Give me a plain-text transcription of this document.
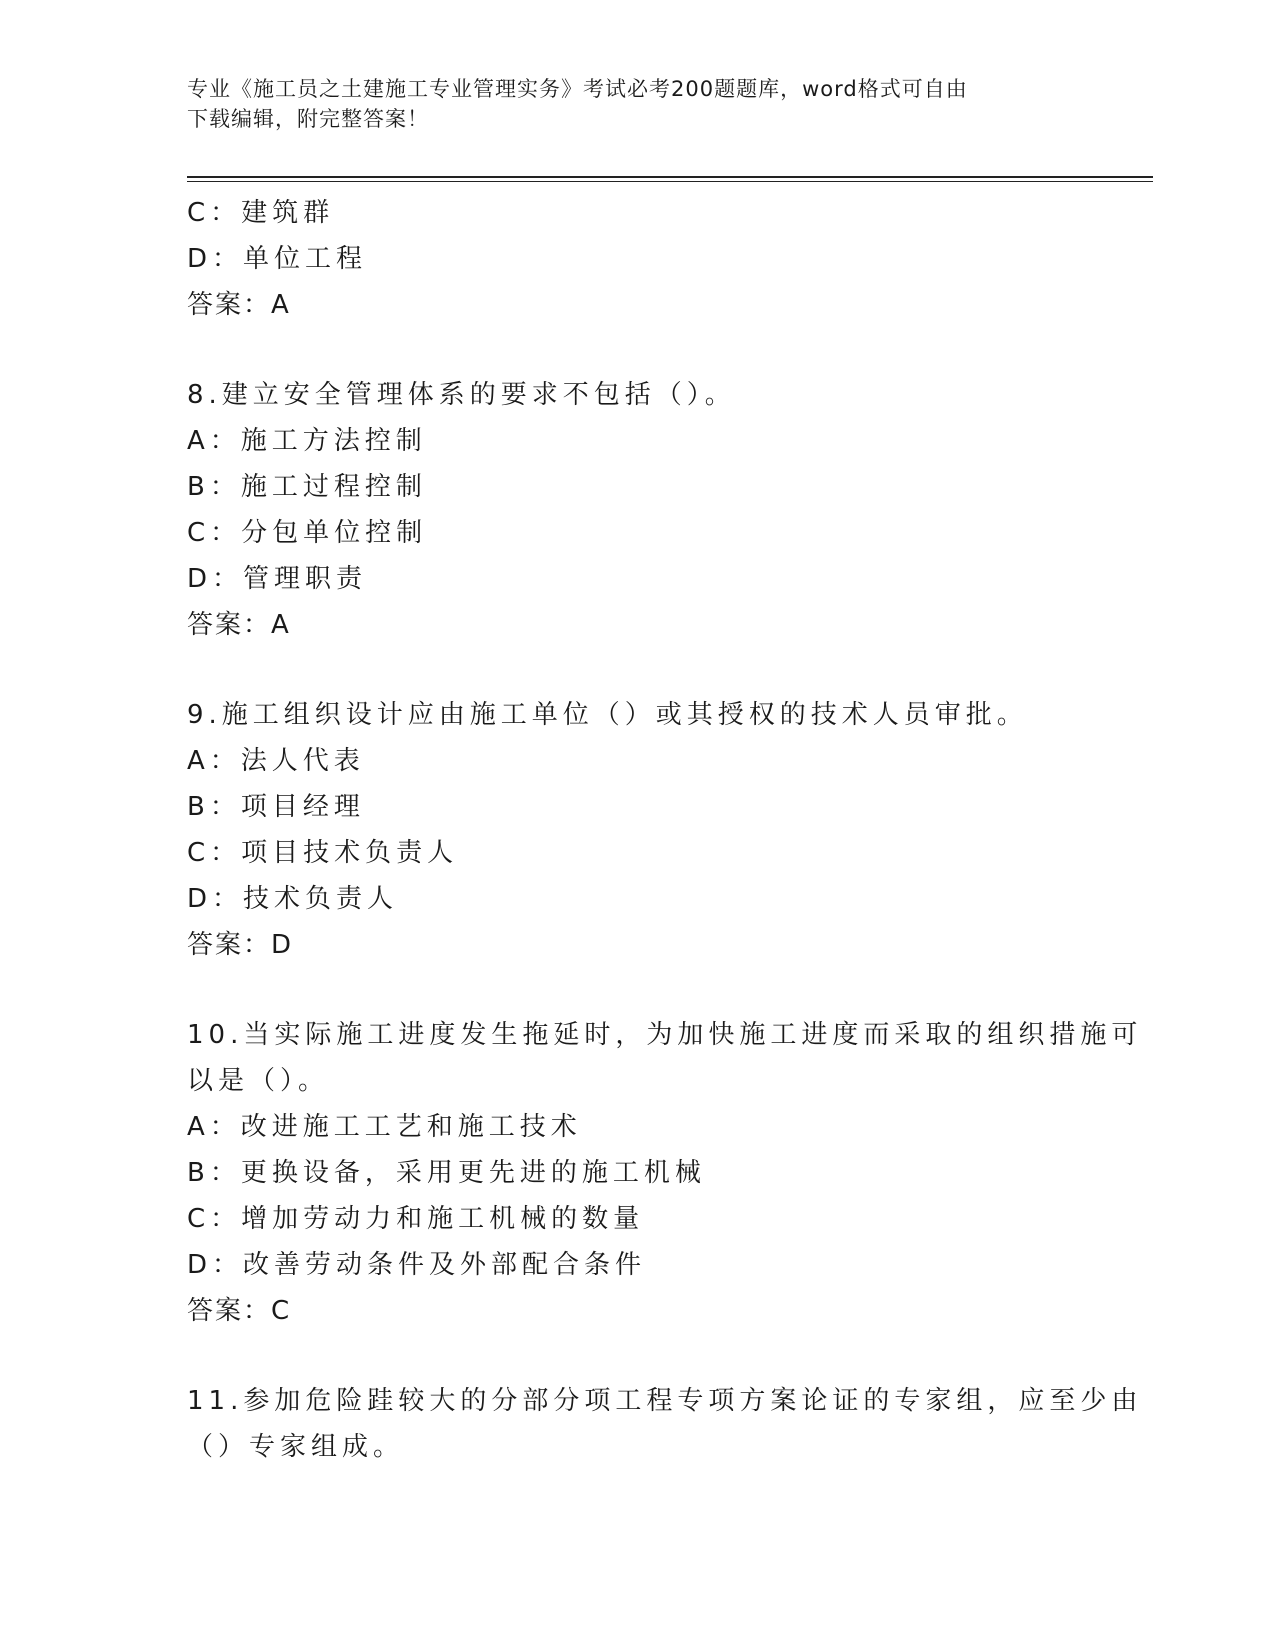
专业《施工员之土建施工专业管理实务》考试必考200题题库，word格式可自由
下载编辑，附完整答案！
C：建筑群
D：单位工程
答案：A
8.建立安全管理体系的要求不包括（）。
A：施工方法控制
B：施工过程控制
C：分包单位控制
D：管理职责
答案：A
9.施工组织设计应由施工单位（）或其授权的技术人员审批。
A：法人代表
B：项目经理
C：项目技术负责人
D：技术负责人
答案：D
10.当实际施工进度发生拖延时，为加快施工进度而采取的组织措施可
以是（）。
A：改进施工工艺和施工技术
B：更换设备，采用更先进的施工机械
C：增加劳动力和施工机械的数量
D：改善劳动条件及外部配合条件
答案：C
11.参加危险跬较大的分部分项工程专项方案论证的专家组，应至少由
（）专家组成。
